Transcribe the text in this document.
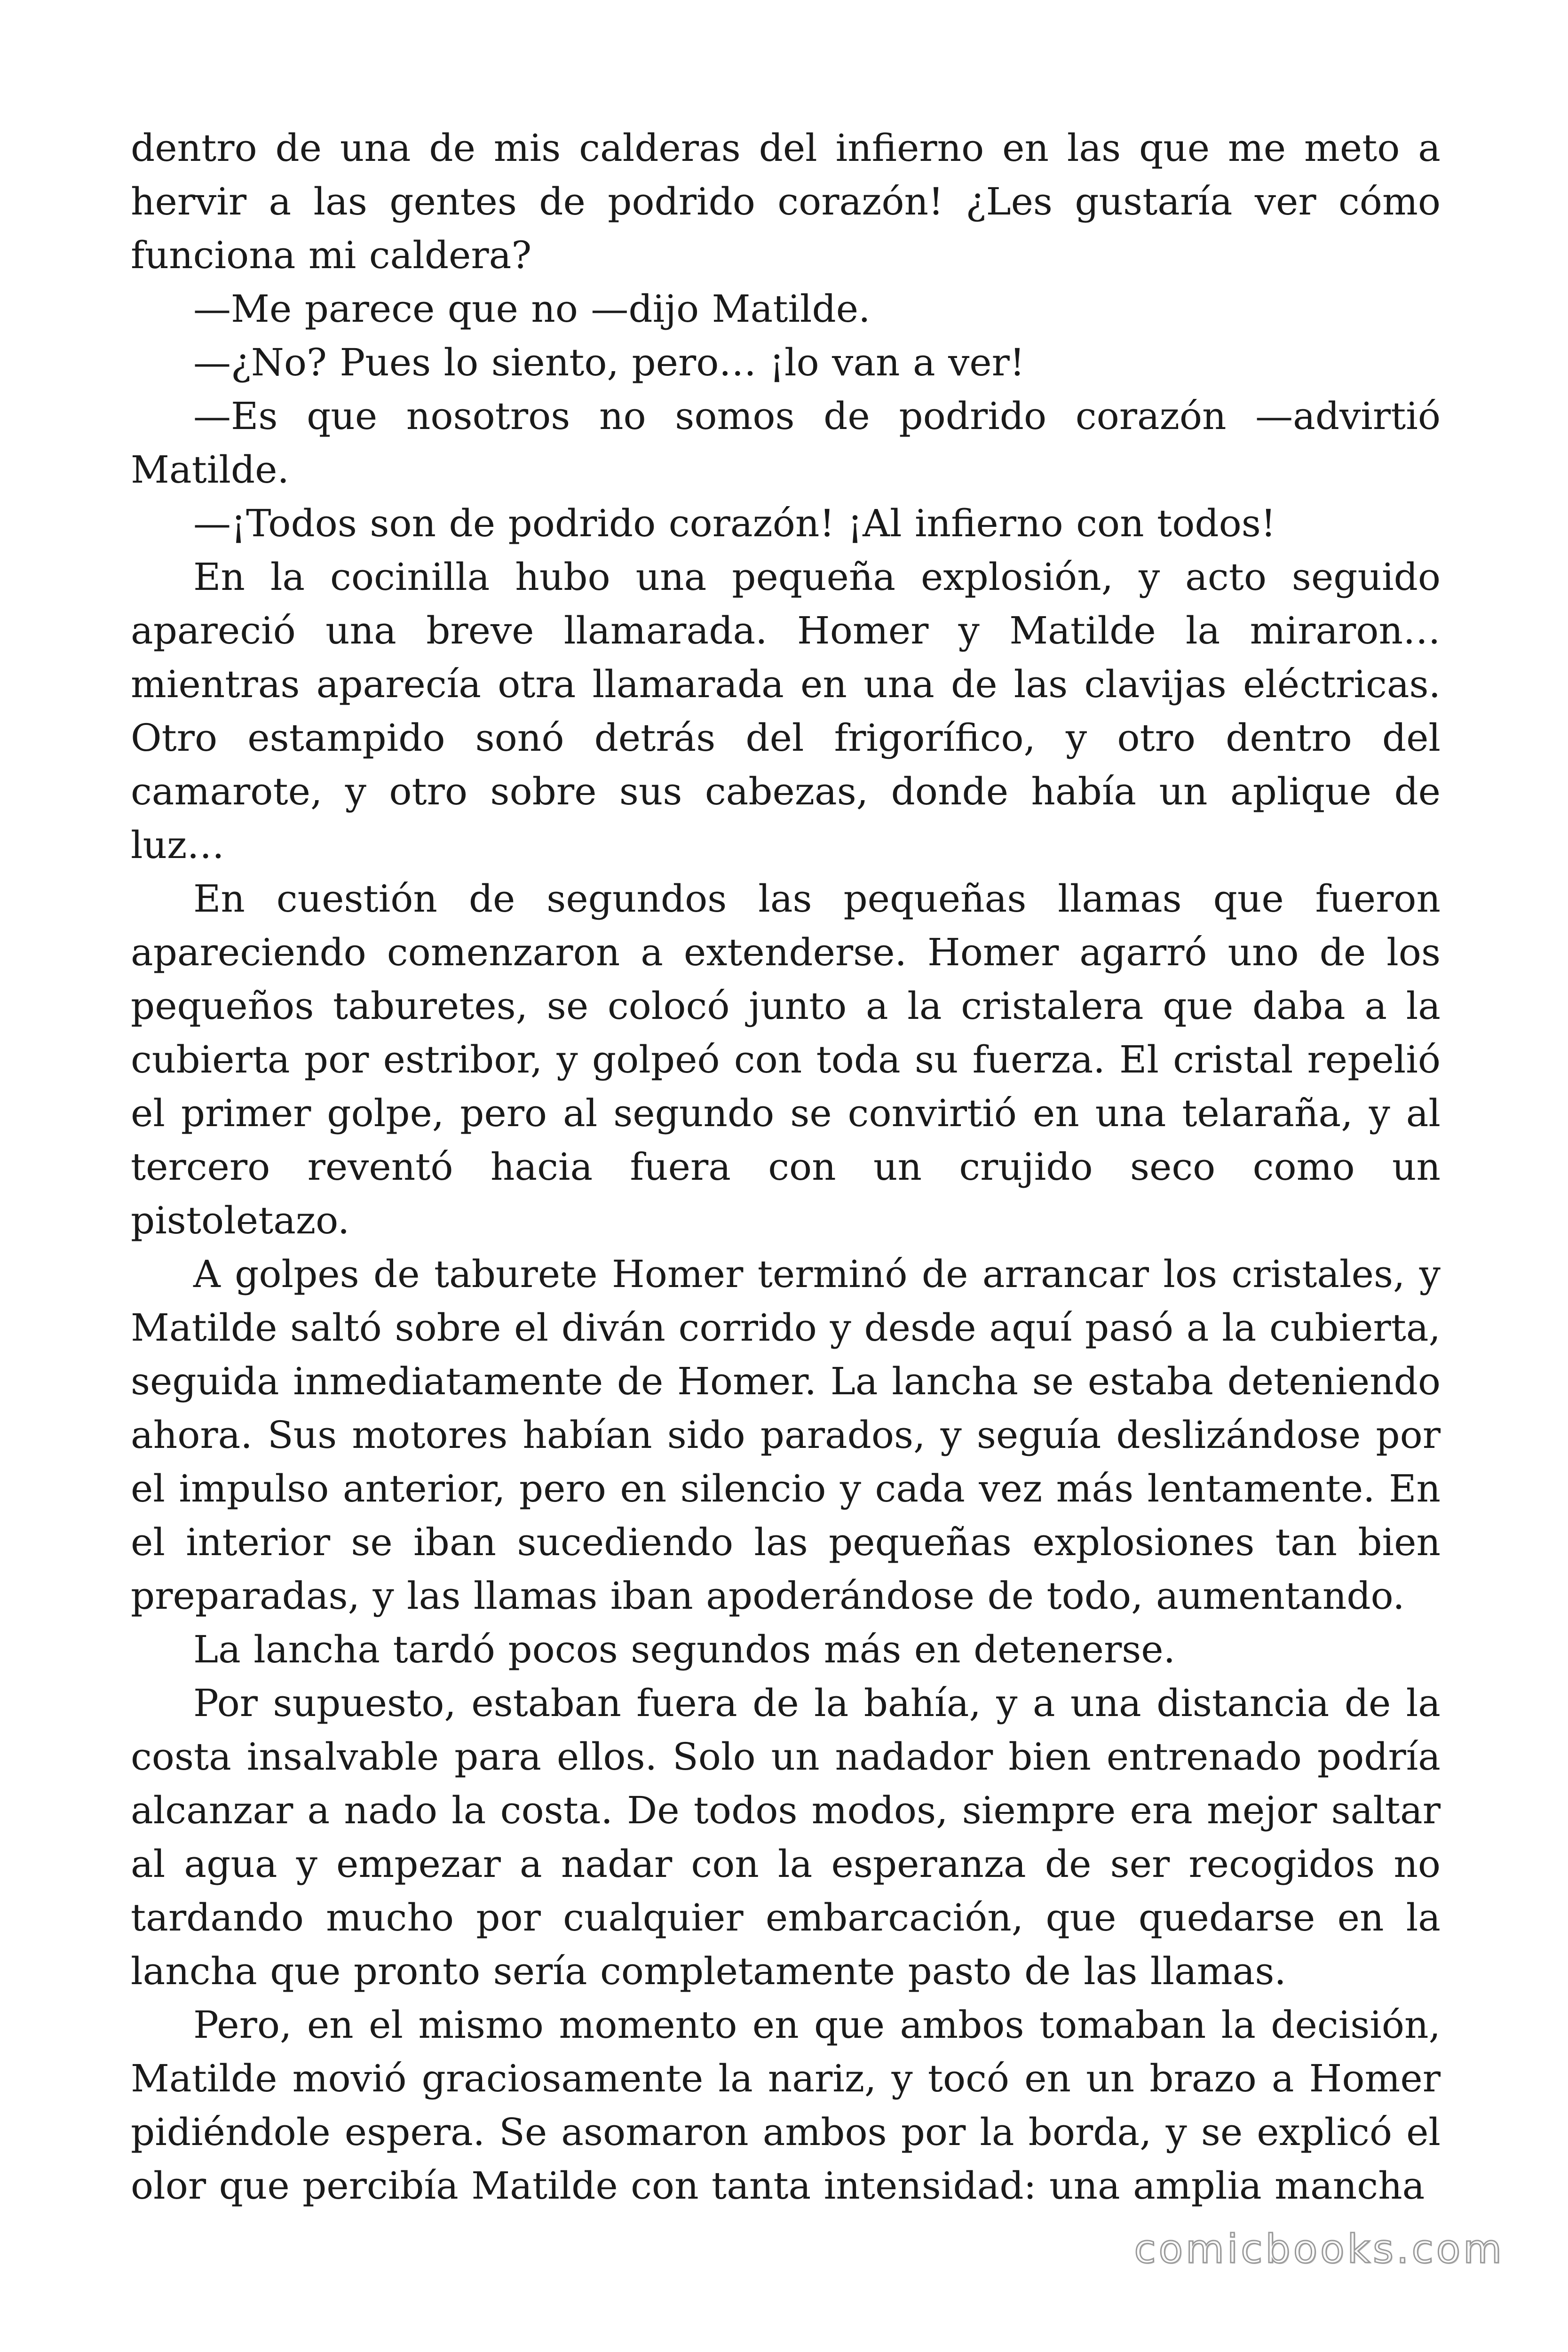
dentro de una de mis calderas del infierno en las que me meto a hervir a las gentes de podrido corazón! ¿Les gustaría ver cómo funciona mi caldera?

—Me parece que no —dijo Matilde.

—¿No? Pues lo siento, pero… ¡lo van a ver!

—Es que nosotros no somos de podrido corazón —advirtió Matilde.

—¡Todos son de podrido corazón! ¡Al infierno con todos!

En la cocinilla hubo una pequeña explosión, y acto seguido apareció una breve llamarada. Homer y Matilde la miraron… mientras aparecía otra llamarada en una de las clavijas eléctricas. Otro estampido sonó detrás del frigorífico, y otro dentro del camarote, y otro sobre sus cabezas, donde había un aplique de luz…

En cuestión de segundos las pequeñas llamas que fueron apareciendo comenzaron a extenderse. Homer agarró uno de los pequeños taburetes, se colocó junto a la cristalera que daba a la cubierta por estribor, y golpeó con toda su fuerza. El cristal repelió el primer golpe, pero al segundo se convirtió en una telaraña, y al tercero reventó hacia fuera con un crujido seco como un pistoletazo.

A golpes de taburete Homer terminó de arrancar los cristales, y Matilde saltó sobre el diván corrido y desde aquí pasó a la cubierta, seguida inmediatamente de Homer. La lancha se estaba deteniendo ahora. Sus motores habían sido parados, y seguía deslizándose por el impulso anterior, pero en silencio y cada vez más lentamente. En el interior se iban sucediendo las pequeñas explosiones tan bien preparadas, y las llamas iban apoderándose de todo, aumentando.

La lancha tardó pocos segundos más en detenerse.

Por supuesto, estaban fuera de la bahía, y a una distancia de la costa insalvable para ellos. Solo un nadador bien entrenado podría alcanzar a nado la costa. De todos modos, siempre era mejor saltar al agua y empezar a nadar con la esperanza de ser recogidos no tardando mucho por cualquier embarcación, que quedarse en la lancha que pronto sería completamente pasto de las llamas.

Pero, en el mismo momento en que ambos tomaban la decisión, Matilde movió graciosamente la nariz, y tocó en un brazo a Homer pidiéndole espera. Se asomaron ambos por la borda, y se explicó el olor que percibía Matilde con tanta intensidad: una amplia mancha

comicbooks.com
